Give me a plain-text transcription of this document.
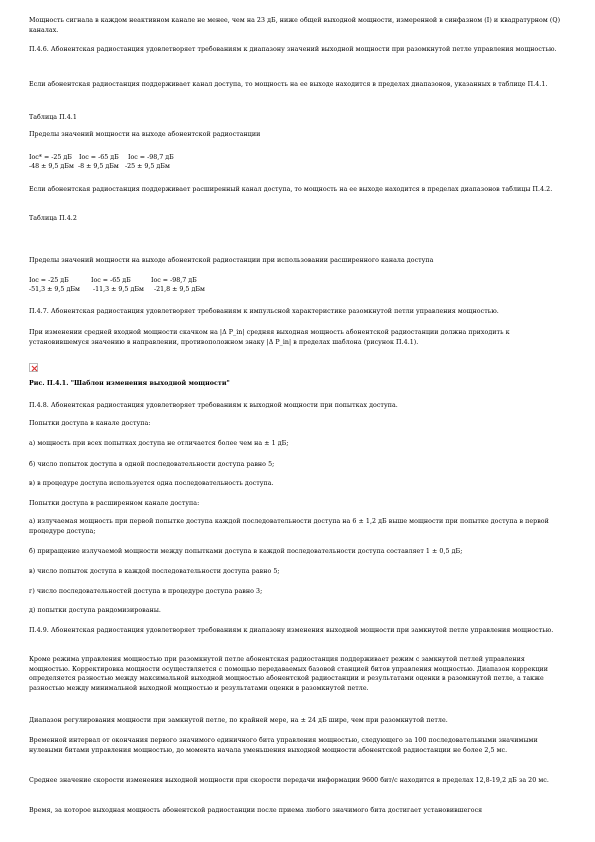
Мощность сигнала в каждом неактивном канале не менее, чем на 23 дБ, ниже общей выходной мощности, измеренной в синфазном (I) и квадратурном (Q) каналах.
П.4.6. Абонентская радиостанция удовлетворяет требованиям к диапазону значений выходной мощности при разомкнутой петле управления мощностью.
Если абонентская радиостанция поддерживает канал доступа, то мощность на ее выходе находится в пределах диапазонов, указанных в таблице П.4.1.
Таблица П.4.1
Пределы значений мощности на выходе абонентской радиостанции
Ioc* = -25 дБ	Ioc = -65 дБ	Ioc = -98,7 дБ
-48 ± 9,5 дБм -8 ± 9,5 дБм -25 ± 9,5 дБм
Если абонентская радиостанция поддерживает расширенный канал доступа, то мощность на ее выходе находится в пределах диапазонов таблицы П.4.2.
Таблица П.4.2
Пределы значений мощности на выходе абонентской радиостанции при использовании расширенного канала доступа
Ioc = -25 дБ	Ioc = -65 дБ	Ioc = -98,7 дБ
-51,3 ± 9,5 дБм	-11,3 ± 9,5 дБм	-21,8 ± 9,5 дБм
П.4.7. Абонентская радиостанция удовлетворяет требованиям к импульсной характеристике разомкнутой петли управления мощностью.
При изменении средней входной мощности скачком на |Δ P_in| средняя выходная мощность абонентской радиостанции должна приходить к установившемуся значению в направлении, противоположном знаку |Δ P_in| в пределах шаблона (рисунок П.4.1).
Рис. П.4.1. "Шаблон изменения выходной мощности"
П.4.8. Абонентская радиостанция удовлетворяет требованиям к выходной мощности при попытках доступа.
Попытки доступа в канале доступа:
а) мощность при всех попытках доступа не отличается более чем на ± 1 дБ;
б) число попыток доступа в одной последовательности доступа равно 5;
в) в процедуре доступа используется одна последовательность доступа.
Попытки доступа в расширенном канале доступа:
а) излучаемая мощность при первой попытке доступа каждой последовательности доступа на 6 ± 1,2 дБ выше мощности при попытке доступа в первой процедуре доступа;
б) приращение излучаемой мощности между попытками доступа в каждой последовательности доступа составляет 1 ± 0,5 дБ;
в) число попыток доступа в каждой последовательности доступа равно 5;
г) число последовательностей доступа в процедуре доступа равно 3;
д) попытки доступа рандомизированы.
П.4.9. Абонентская радиостанция удовлетворяет требованиям к диапазону изменения выходной мощности при замкнутой петле управления мощностью.
Кроме режима управления мощностью при разомкнутой петле абонентская радиостанция поддерживает режим с замкнутой петлей управления мощностью. Корректировка мощности осуществляется с помощью передаваемых базовой станцией битов управления мощностью. Диапазон коррекции определяется разностью между максимальной выходной мощностью абонентской радиостанции и результатами оценки в разомкнутой петле, а также разностью между минимальной выходной мощностью и результатами оценки в разомкнутой петле.
Диапазон регулирования мощности при замкнутой петле, по крайней мере, на ± 24 дБ шире, чем при разомкнутой петле.
Временной интервал от окончания первого значимого единичного бита управления мощностью, следующего за 100 последовательными значимыми нулевыми битами управления мощностью, до момента начала уменьшения выходной мощности абонентской радиостанции не более 2,5 мс.
Среднее значение скорости изменения выходной мощности при скорости передачи информации 9600 бит/с находится в пределах 12,8-19,2 дБ за 20 мс.
Время, за которое выходная мощность абонентской радиостанции после приема любого значимого бита достигает установившегося
